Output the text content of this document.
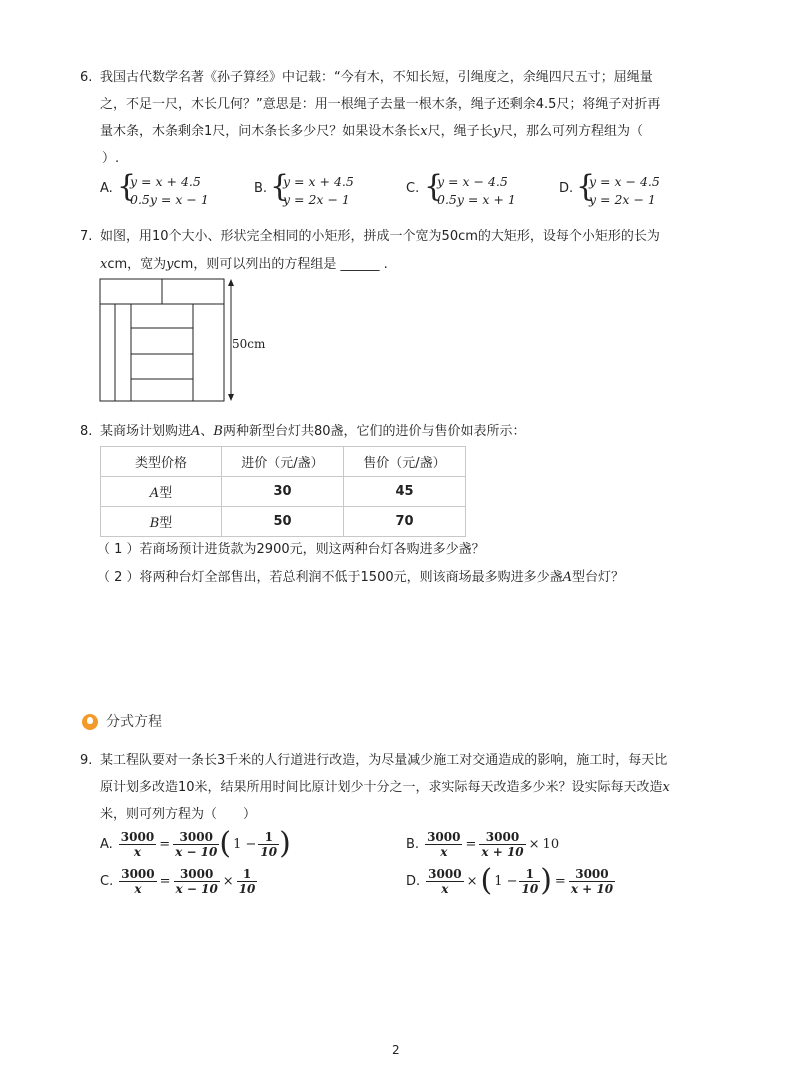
6. 我国古代数学名著《孙子算经》中记载：“今有木，不知长短，引绳度之，余绳四尺五寸；屈绳量
之，不足一尺，木长几何？”意思是：用一根绳子去量一根木条，绳子还剩余4.5尺；将绳子对折再
量木条，木条剩余1尺，问木条长多少尺？如果设木条长x尺，绳子长y尺，那么可列方程组为（
）.
A. {
y = x + 4.5
0.5y = x − 1
B. {
y = x + 4.5
y = 2x − 1
C. {
y = x − 4.5
0.5y = x + 1
D. {
y = x − 4.5
y = 2x − 1
7. 如图，用10个大小、形状完全相同的小矩形，拼成一个宽为50cm的大矩形，设每个小矩形的长为
xcm，宽为ycm，则可以列出的方程组是 ______ .
50cm
8. 某商场计划购进A、B两种新型台灯共80盏，它们的进价与售价如表所示：
类型价格	进价（元/盏）	售价（元/盏）
A型	30	45
B型	50	70
（ 1 ）若商场预计进货款为2900元，则这两种台灯各购进多少盏？
（ 2 ）将两种台灯全部售出，若总利润不低于1500元，则该商场最多购进多少盏A型台灯？
分式方程
9. 某工程队要对一条长3千米的人行道进行改造，为尽量减少施工对交通造成的影响，施工时，每天比
原计划多改造10米，结果所用时间比原计划少十分之一，求实际每天改造多少米？设实际每天改造x
米，则可列方程为（　　）
A. $\frac{3000}{x} = \frac{3000}{x - 10}$ ( $1 - \frac{1}{10}$ )	B. $\frac{3000}{x} = \frac{3000}{x + 10} \times 10$
C. $\frac{3000}{x} = \frac{3000}{x - 10} \times \frac{1}{10}$	D. $\frac{3000}{x}$ × ( $1 - \frac{1}{10}$ ) = $\frac{3000}{x + 10}$
2
